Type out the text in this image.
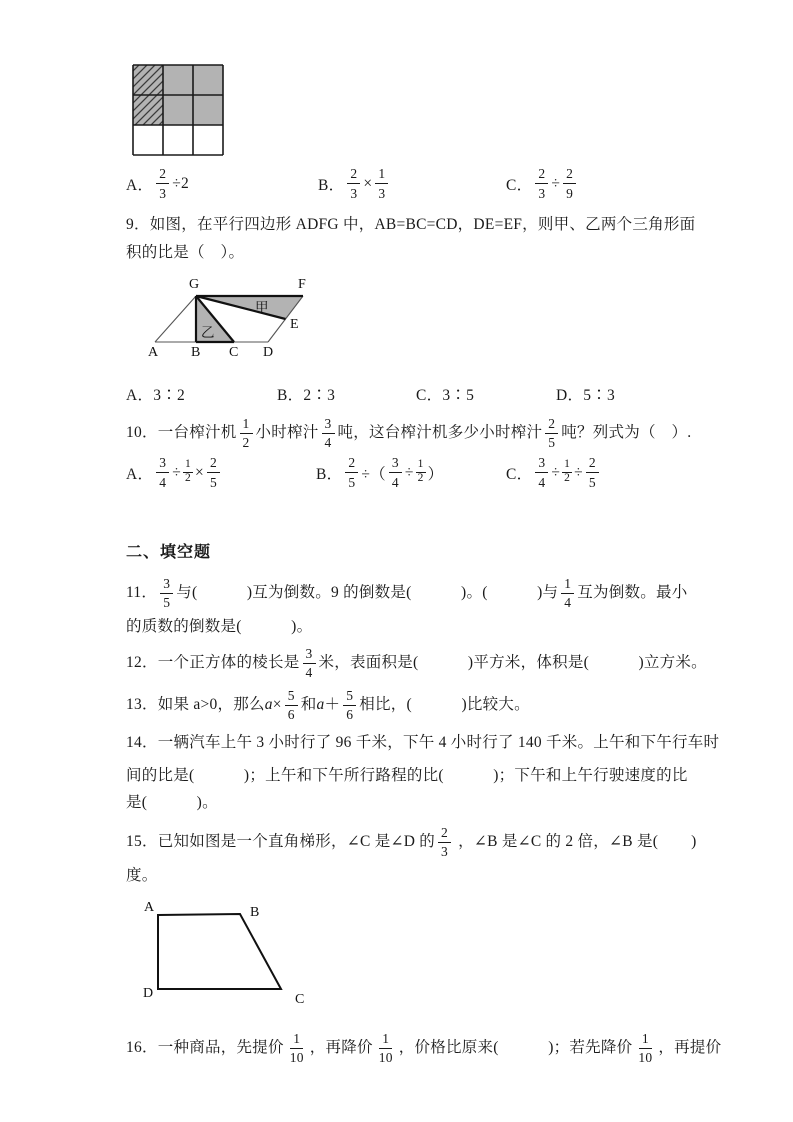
A． $\frac{2}{3} \div 2$	B． $\frac{2}{3} \times \frac{1}{3}$	C． $\frac{2}{3} \div \frac{2}{9}$
9．如图，在平行四边形 ADFG 中，AB=BC=CD，DE=EF，则甲、乙两个三角形面
积的比是（　）。
A B C D
E
F
G
甲
乙
A．3∶2	B．2∶3	C．3∶5	D．5∶3
10．一台榨汁机 $\frac{1}{2}$ 小时榨汁 $\frac{3}{4}$ 吨，这台榨汁机多少小时榨汁 $\frac{2}{5}$ 吨？列式为（　）.
A． $\frac{3}{4} \div \frac{1}{2} \times \frac{2}{5}$	B． $\frac{2}{5}$ ÷（ $\frac{3}{4} \div \frac{1}{2}$ ）	C． $\frac{3}{4} \div \frac{1}{2} \div \frac{2}{5}$
二、填空题
11． $\frac{3}{5}$ 与(            )互为倒数。9 的倒数是(            )。(            )与 $\frac{1}{4}$ 互为倒数。最小
的质数的倒数是(            )。
12．一个正方体的棱长是 $\frac{3}{4}$ 米，表面积是(            )平方米，体积是(            )立方米。
13．如果 a>0，那么 $a \times \frac{5}{6}$ 和 $a + \frac{5}{6}$ 相比，(            )比较大。
14．一辆汽车上午 3 小时行了 96 千米，下午 4 小时行了 140 千米。上午和下午行车时
间的比是(            )；上午和下午所行路程的比(            )；下午和上午行驶速度的比
是(            )。
15．已知如图是一个直角梯形，∠C 是∠D 的 $\frac{2}{3}$ ，∠B 是∠C 的 2 倍，∠B 是(        )
度。
A	B
C
D
16．一种商品，先提价 $\frac{1}{10}$ ，再降价 $\frac{1}{10}$ ，价格比原来(            )；若先降价 $\frac{1}{10}$ ，再提价
